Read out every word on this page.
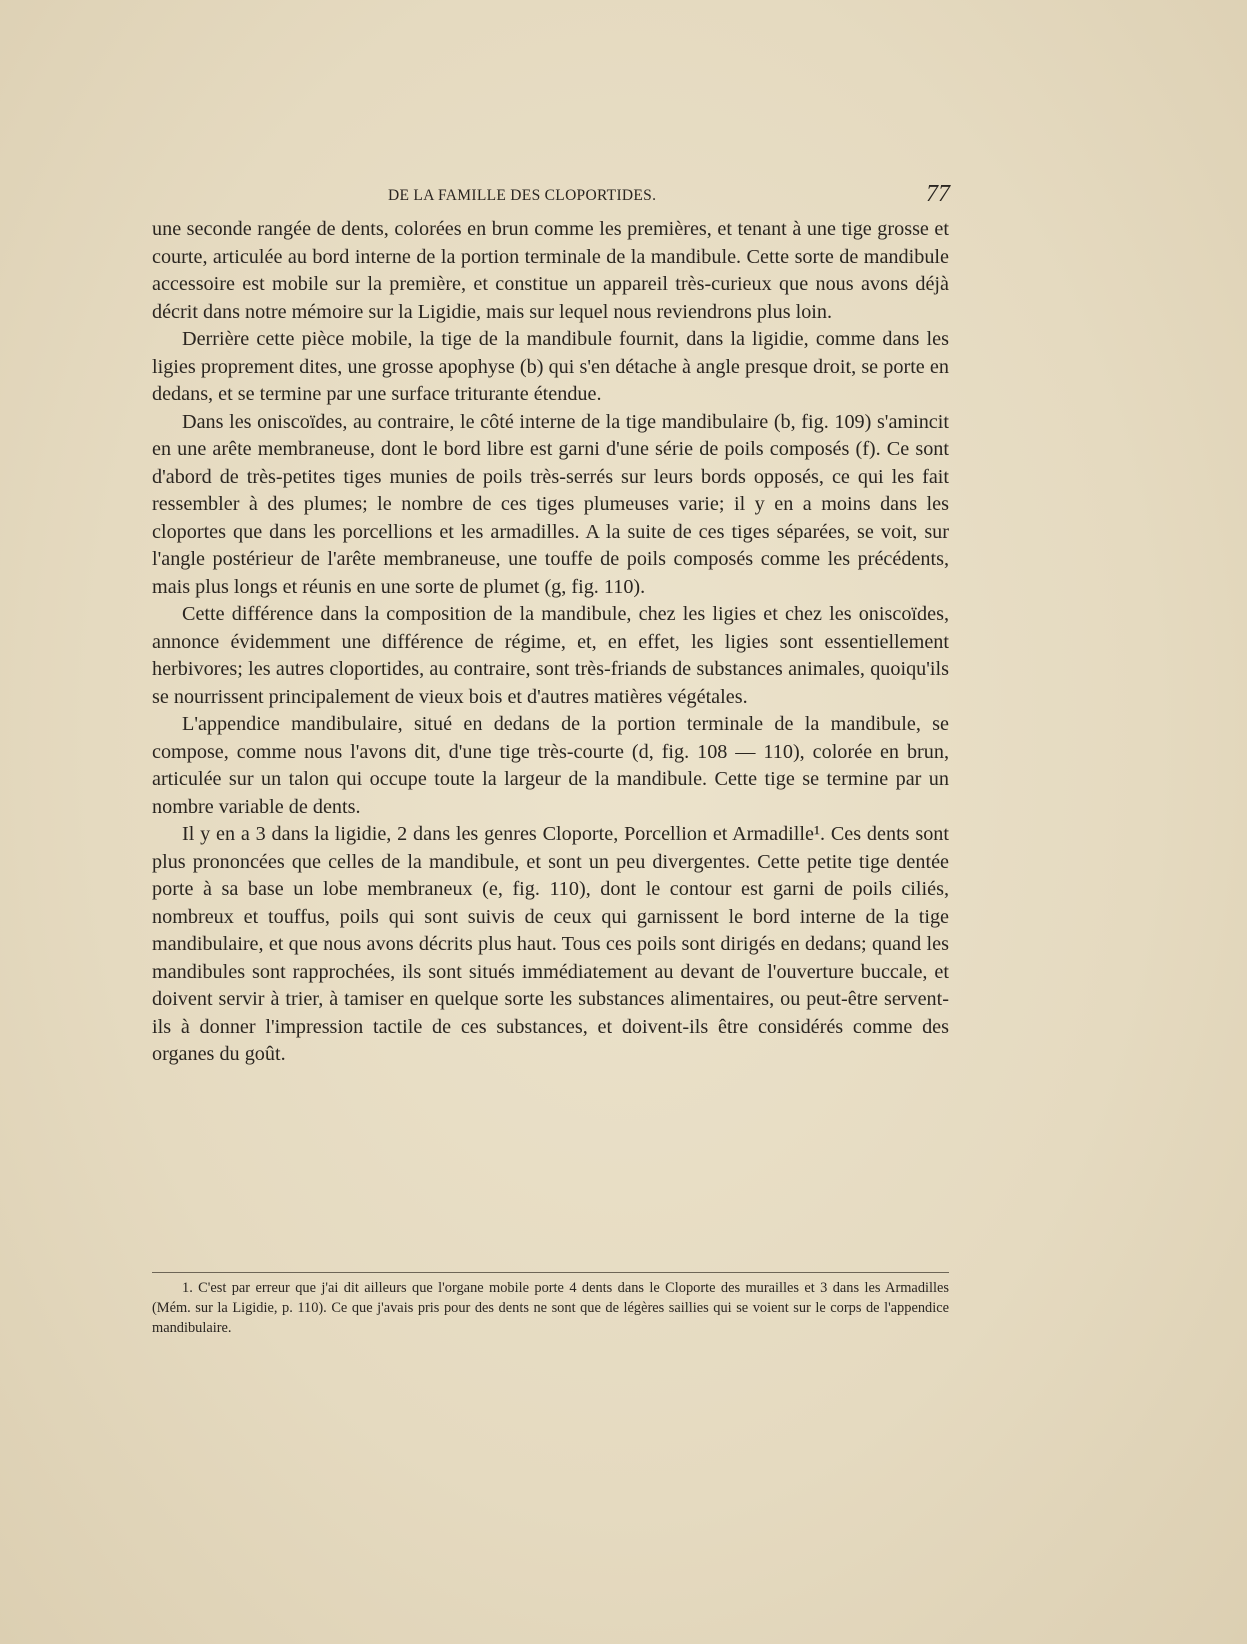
DE LA FAMILLE DES CLOPORTIDES.	77

une seconde rangée de dents, colorées en brun comme les premières, et tenant à une tige grosse et courte, articulée au bord interne de la portion terminale de la mandibule. Cette sorte de mandibule accessoire est mobile sur la première, et constitue un appareil très-curieux que nous avons déjà décrit dans notre mémoire sur la Ligidie, mais sur lequel nous reviendrons plus loin.

Derrière cette pièce mobile, la tige de la mandibule fournit, dans la ligidie, comme dans les ligies proprement dites, une grosse apophyse (b) qui s'en détache à angle presque droit, se porte en dedans, et se termine par une surface triturante étendue.

Dans les oniscoïdes, au contraire, le côté interne de la tige mandibulaire (b, fig. 109) s'amincit en une arête membraneuse, dont le bord libre est garni d'une série de poils composés (f). Ce sont d'abord de très-petites tiges munies de poils très-serrés sur leurs bords opposés, ce qui les fait ressembler à des plumes; le nombre de ces tiges plumeuses varie; il y en a moins dans les cloportes que dans les porcellions et les armadilles. A la suite de ces tiges séparées, se voit, sur l'angle postérieur de l'arête membraneuse, une touffe de poils composés comme les précédents, mais plus longs et réunis en une sorte de plumet (g, fig. 110).

Cette différence dans la composition de la mandibule, chez les ligies et chez les oniscoïdes, annonce évidemment une différence de régime, et, en effet, les ligies sont essentiellement herbivores; les autres cloportides, au contraire, sont très-friands de substances animales, quoiqu'ils se nourrissent principalement de vieux bois et d'autres matières végétales.

L'appendice mandibulaire, situé en dedans de la portion terminale de la mandibule, se compose, comme nous l'avons dit, d'une tige très-courte (d, fig. 108 — 110), colorée en brun, articulée sur un talon qui occupe toute la largeur de la mandibule. Cette tige se termine par un nombre variable de dents.

Il y en a 3 dans la ligidie, 2 dans les genres Cloporte, Porcellion et Armadille¹. Ces dents sont plus prononcées que celles de la mandibule, et sont un peu divergentes. Cette petite tige dentée porte à sa base un lobe membraneux (e, fig. 110), dont le contour est garni de poils ciliés, nombreux et touffus, poils qui sont suivis de ceux qui garnissent le bord interne de la tige mandibulaire, et que nous avons décrits plus haut. Tous ces poils sont dirigés en dedans; quand les mandibules sont rapprochées, ils sont situés immédiatement au devant de l'ouverture buccale, et doivent servir à trier, à tamiser en quelque sorte les substances alimentaires, ou peut-être servent-ils à donner l'impression tactile de ces substances, et doivent-ils être considérés comme des organes du goût.

1. C'est par erreur que j'ai dit ailleurs que l'organe mobile porte 4 dents dans le Cloporte des murailles et 3 dans les Armadilles (Mém. sur la Ligidie, p. 110). Ce que j'avais pris pour des dents ne sont que de légères saillies qui se voient sur le corps de l'appendice mandibulaire.
